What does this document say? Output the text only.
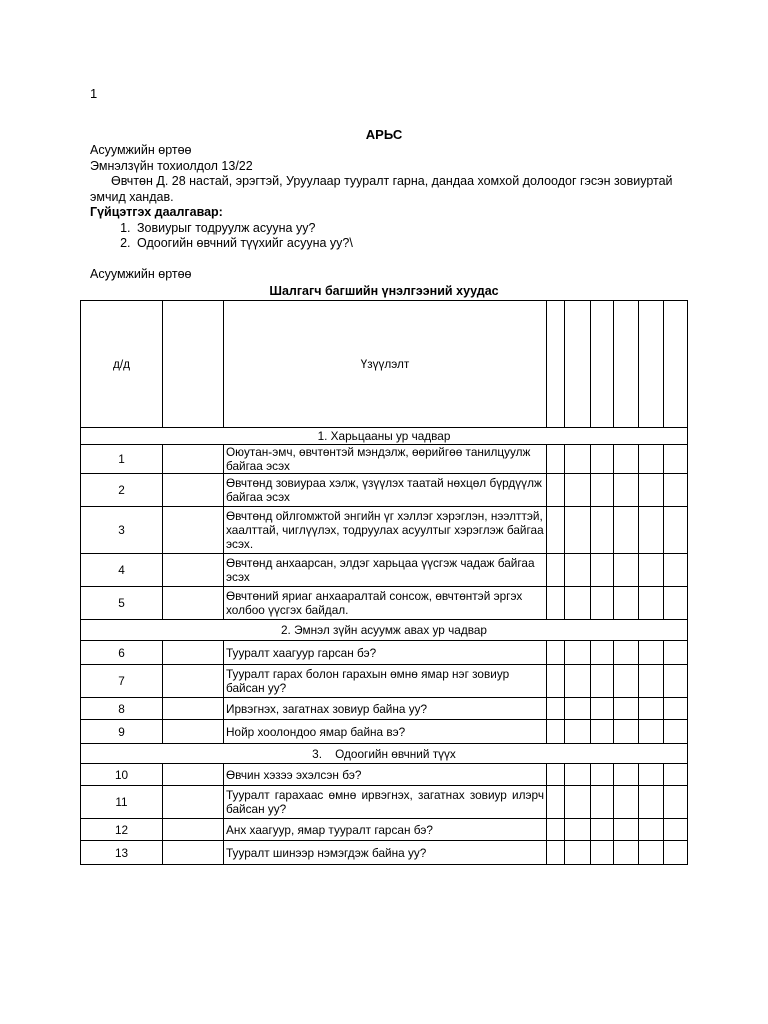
1
АРЬС
Асуумжийн өртөө
Эмнэлзүйн тохиолдол 13/22
Өвчтөн Д. 28 настай, эрэгтэй, Уруулаар тууралт гарна, дандаа хомхой долоодог гэсэн зовиуртай эмчид хандав.
Гүйцэтгэх даалгавар:
1. Зовиурыг тодруулж асууна уу?
2. Одоогийн өвчний түүхийг асууна уу?\
Асуумжийн өртөө
Шалгагч багшийн үнэлгээний хуудас
д/д		Үзүүлэлт						
1. Харьцааны ур чадвар								
1		Оюутан-эмч, өвчтөнтэй мэндэлж, өөрийгөө танилцуулж байгаа эсэх						
2		Өвчтөнд зовиураа хэлж, үзүүлэх таатай нөхцөл бүрдүүлж байгаа эсэх						
3		Өвчтөнд ойлгомжтой энгийн үг хэллэг хэрэглэн, нээлттэй, хаалттай, чиглүүлэх, тодруулах асуултыг хэрэглэж байгаа эсэх.						
4		Өвчтөнд анхаарсан, элдэг харьцаа үүсгэж чадаж байгаа эсэх						
5		Өвчтөний яриаг анхааралтай сонсож, өвчтөнтэй эргэх холбоо үүсгэх байдал.						
2. Эмнэл зүйн асуумж авах ур чадвар								
6		Тууралт хаагуур гарсан бэ?						
7		Тууралт гарах болон гарахын өмнө ямар нэг зовиур байсан уу?						
8		Ирвэгнэх, загатнах зовиур байна уу?						
9		Нойр хоолондоо ямар байна вэ?						
3.    Одоогийн өвчний түүх								
10		Өвчин хэзээ эхэлсэн бэ?						
11		Тууралт гарахаас өмнө ирвэгнэх, загатнах зовиур илэрч байсан уу?						
12		Анх хаагуур, ямар тууралт гарсан бэ?						
13		Тууралт шинээр нэмэгдэж байна уу?						
